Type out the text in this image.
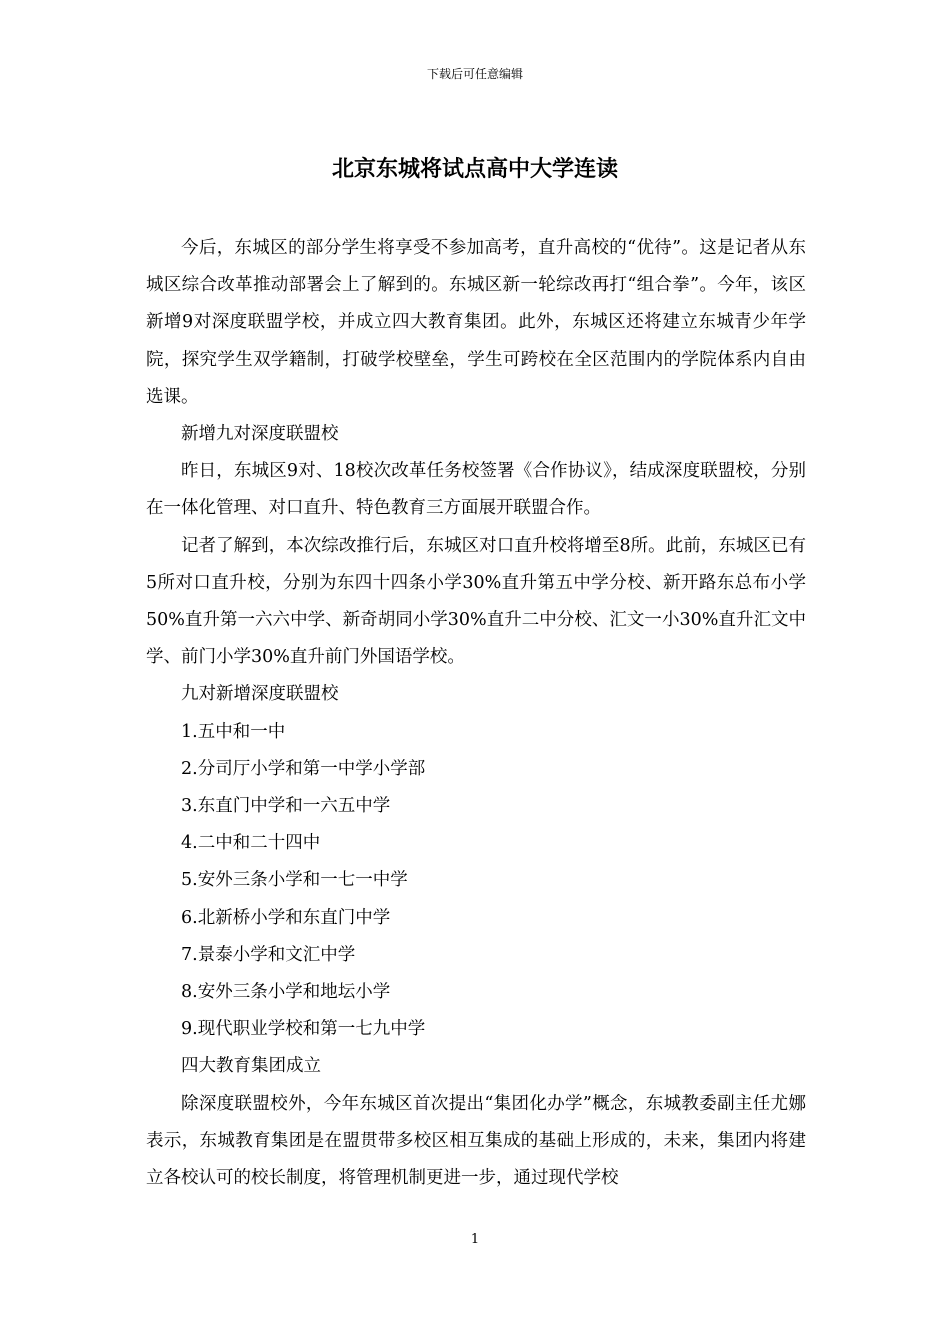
下载后可任意编辑
北京东城将试点高中大学连读

今后，东城区的部分学生将享受不参加高考，直升高校的“优待”。这是记者从东城区综合改革推动部署会上了解到的。东城区新一轮综改再打“组合拳”。今年，该区新增9对深度联盟学校，并成立四大教育集团。此外，东城区还将建立东城青少年学院，探究学生双学籍制，打破学校壁垒，学生可跨校在全区范围内的学院体系内自由选课。

新增九对深度联盟校

昨日，东城区9对、18校次改革任务校签署《合作协议》，结成深度联盟校，分别在一体化管理、对口直升、特色教育三方面展开联盟合作。

记者了解到，本次综改推行后，东城区对口直升校将增至8所。此前，东城区已有5所对口直升校，分别为东四十四条小学30%直升第五中学分校、新开路东总布小学50%直升第一六六中学、新奇胡同小学30%直升二中分校、汇文一小30%直升汇文中学、前门小学30%直升前门外国语学校。

九对新增深度联盟校

1.五中和一中

2.分司厅小学和第一中学小学部

3.东直门中学和一六五中学

4.二中和二十四中

5.安外三条小学和一七一中学

6.北新桥小学和东直门中学

7.景泰小学和文汇中学

8.安外三条小学和地坛小学

9.现代职业学校和第一七九中学

四大教育集团成立

除深度联盟校外，今年东城区首次提出“集团化办学”概念，东城教委副主任尤娜表示，东城教育集团是在盟贯带多校区相互集成的基础上形成的，未来，集团内将建立各校认可的校长制度，将管理机制更进一步，通过现代学校

1
